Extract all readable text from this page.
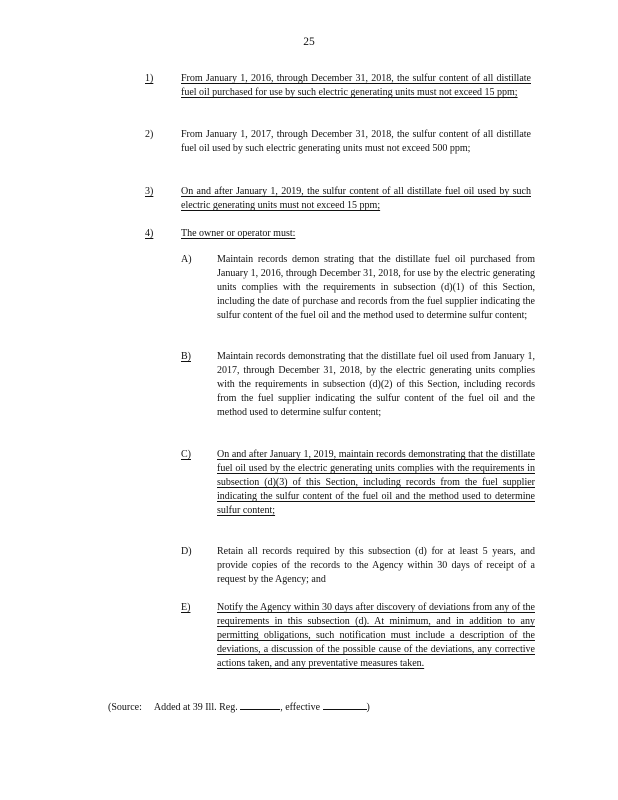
25
1)	From January 1, 2016, through December 31, 2018, the sulfur content of all distillate fuel oil purchased for use by such electric generating units must not exceed 15 ppm;
2)	From January 1, 2017, through December 31, 2018, the sulfur content of all distillate fuel oil used by such electric generating units must not exceed 500 ppm;
3)	On and after January 1, 2019, the sulfur content of all distillate fuel oil used by such electric generating units must not exceed 15 ppm;
4)	The owner or operator must:
A)	Maintain records demon strating that the distillate fuel oil purchased from January 1, 2016, through December 31, 2018, for use by the electric generating units complies with the requirements in subsection (d)(1) of this Section, including the date of purchase and records from the fuel supplier indicating the sulfur content of the fuel oil and the method used to determine sulfur content;
B)	Maintain records demonstrating that the distillate fuel oil used from January 1, 2017, through December 31, 2018, by the electric generating units complies with the requirements in subsection (d)(2) of this Section, including records from the fuel supplier indicating the sulfur content of the fuel oil and the method used to determine sulfur content;
C)	On and after January 1, 2019, maintain records demonstrating that the distillate fuel oil used by the electric generating units complies with the requirements in subsection (d)(3) of this Section, including records from the fuel supplier indicating the sulfur content of the fuel oil and the method used to determine sulfur content;
D)	Retain all records required by this subsection (d) for at least 5 years, and provide copies of the records to the Agency within 30 days of receipt of a request by the Agency; and
E)	Notify the Agency within 30 days after discovery of deviations from any of the requirements in this subsection (d). At minimum, and in addition to any permitting obligations, such notification must include a description of the deviations, a discussion of the possible cause of the deviations, any corrective actions taken, and any preventative measures taken.
(Source: Added at 39 Ill. Reg.	, effective	)
